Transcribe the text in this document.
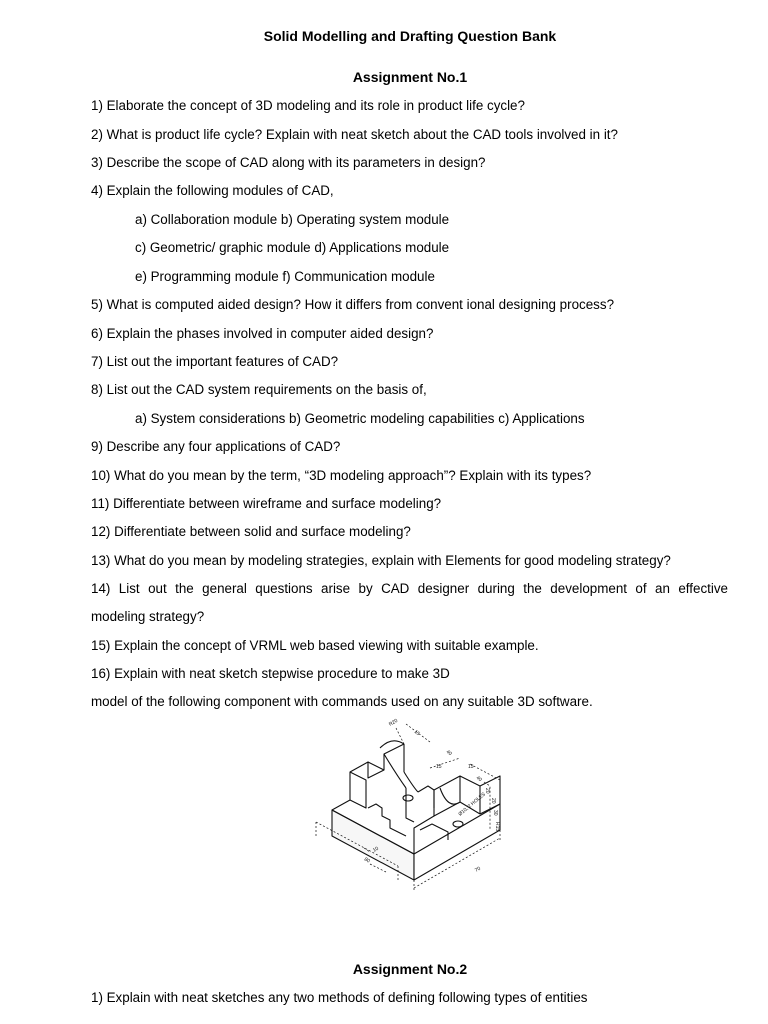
Solid Modelling and Drafting Question Bank
Assignment No.1
1) Elaborate the concept of 3D modeling and its role in product life cycle?
2) What is product life cycle? Explain with neat sketch about the CAD tools involved in it?
3) Describe the scope of CAD along with its parameters in design?
4) Explain the following modules of CAD,
a) Collaboration module b) Operating system module
c) Geometric/ graphic module d) Applications module
e) Programming module f) Communication module
5) What is computed aided design? How it differs from convent ional designing process?
6) Explain the phases involved in computer aided design?
7) List out the important features of CAD?
8) List out the CAD system requirements on the basis of,
a) System considerations b) Geometric modeling capabilities c) Applications
9) Describe any four applications of CAD?
10) What do you mean by the term, “3D modeling approach”? Explain with its types?
11) Differentiate between wireframe and surface modeling?
12) Differentiate between solid and surface modeling?
13) What do you mean by modeling strategies, explain with Elements for good modeling strategy?
14) List out the general questions arise by CAD designer during the development of an effective
modeling strategy?
15) Explain the concept of VRML web based viewing with suitable example.
16) Explain with neat sketch stepwise procedure to make 3D
model of the following component with commands used on any suitable 3D software.
R20
15
40
15	15
40
20
20
30
80
10
R15
Ø10, 2 HOLES
70
Assignment No.2
1) Explain with neat sketches any two methods of defining following types of entities
